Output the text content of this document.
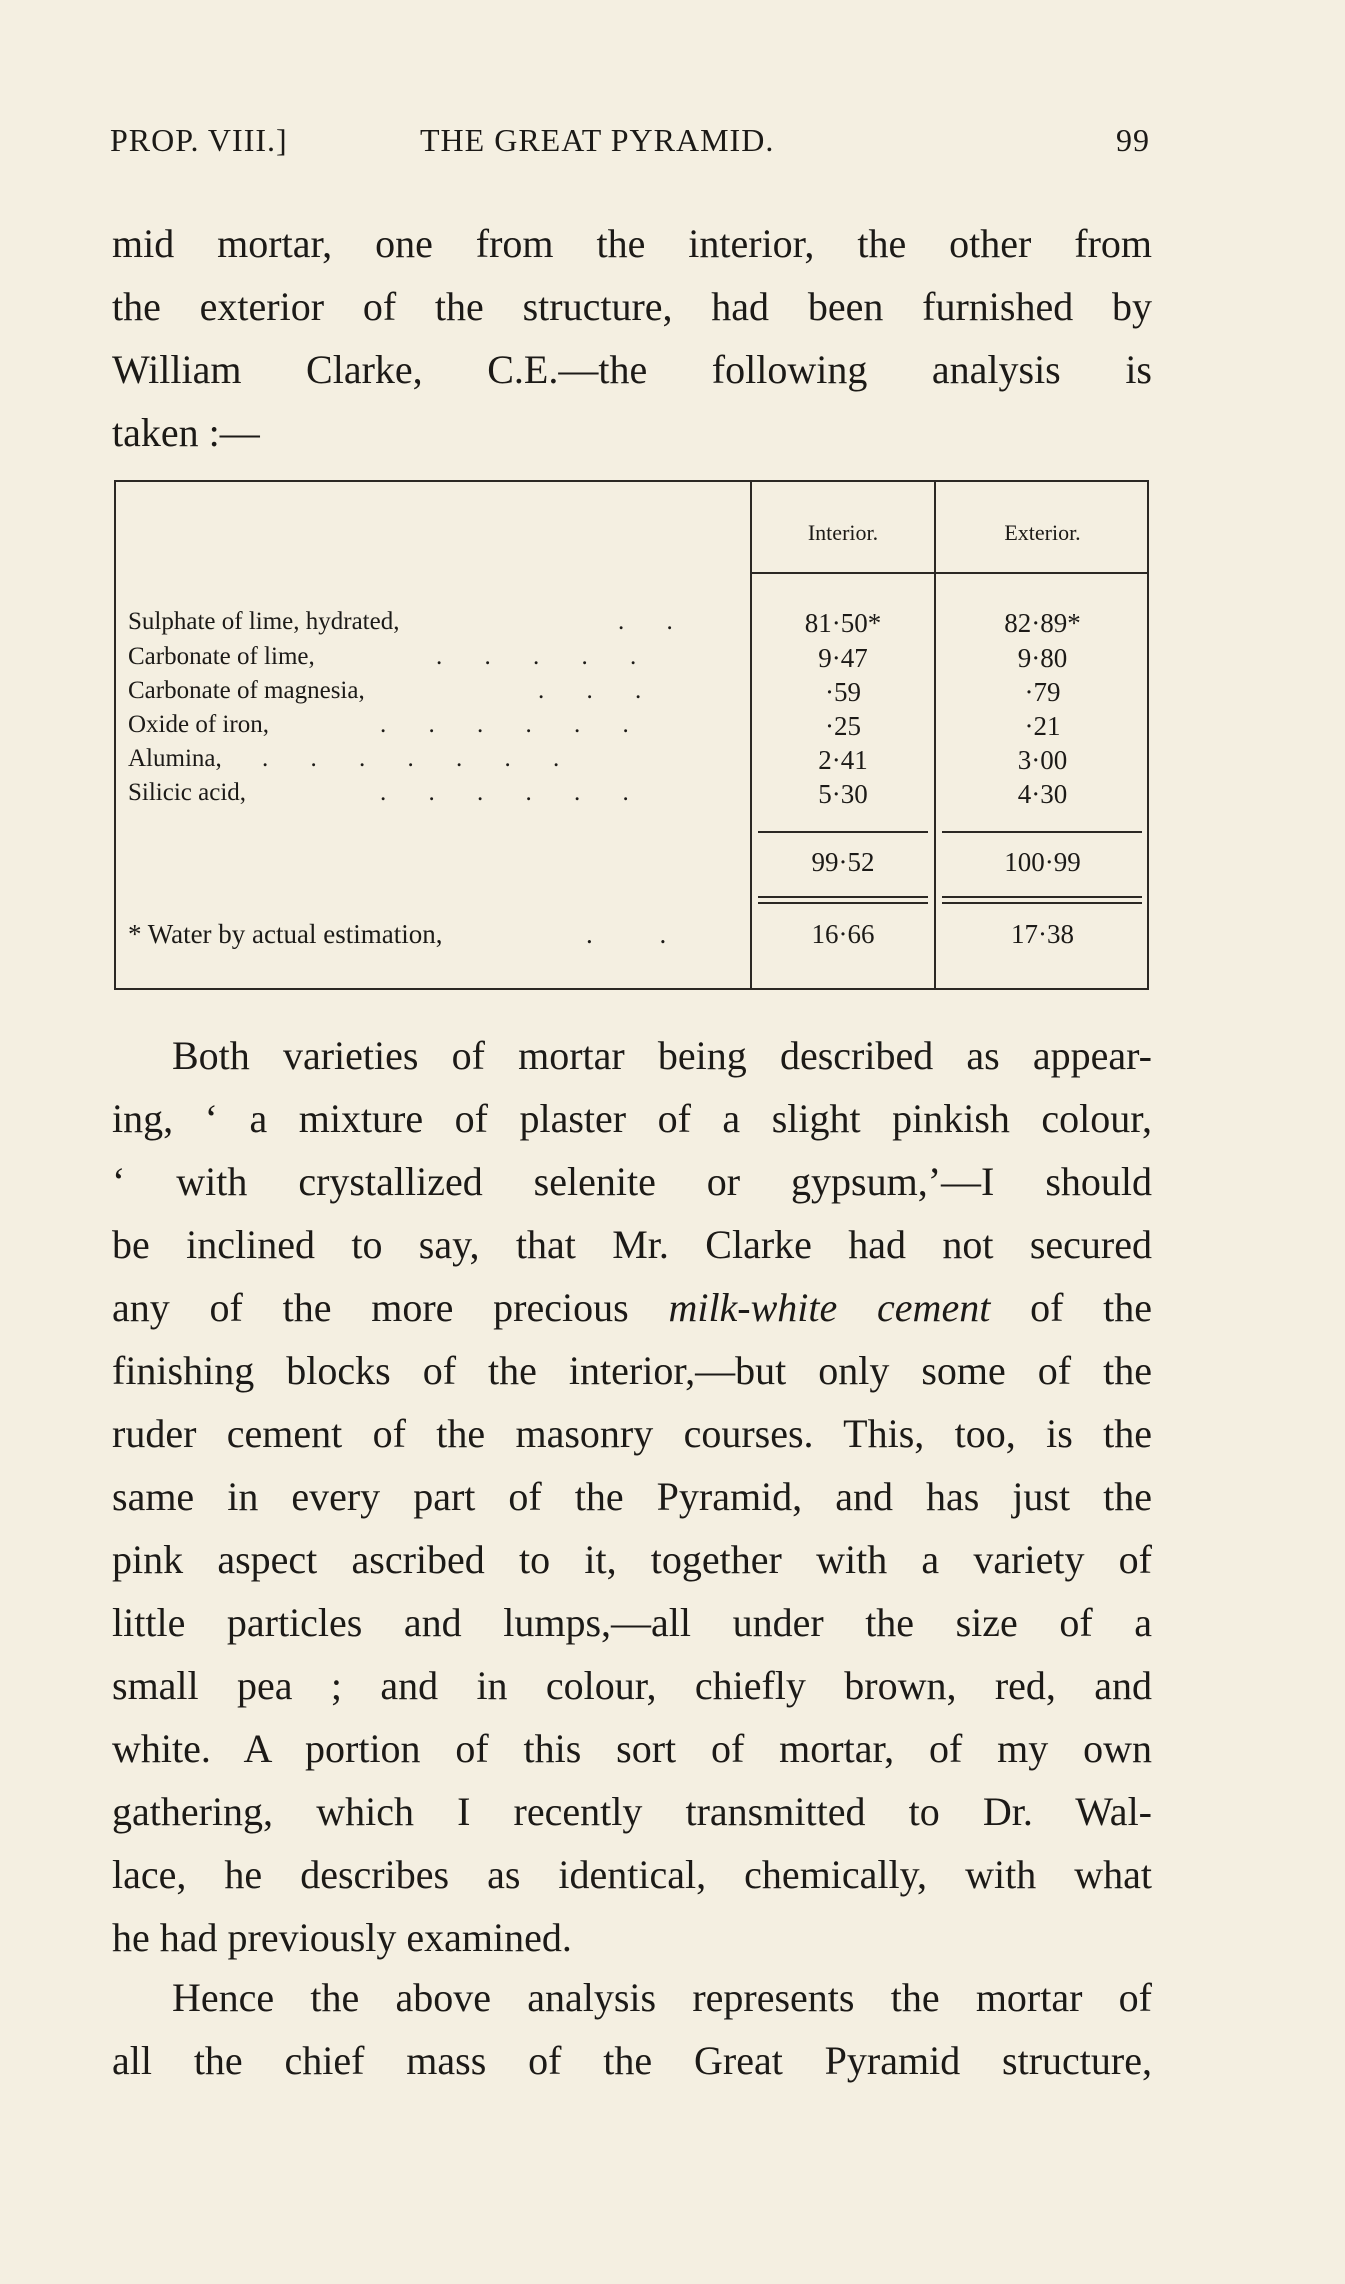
PROP. VIII.]	THE GREAT PYRAMID.	99
mid mortar, one from the interior, the other from
the exterior of the structure, had been furnished by
William Clarke, C.E.—the following analysis is
taken :—
Interior.	Exterior.
Sulphate of lime, hydrated,	. .	81·50*	82·89*
Carbonate of lime,	. . . . .	9·47	9·80
Carbonate of magnesia,	. . .	·59	·79
Oxide of iron,	. . . . . .	·25	·21
Alumina, . . . . . . .	2·41	3·00
Silicic acid,	. . . . . .	5·30	4·30
99·52	100·99
* Water by actual estimation,	. .	16·66	17·38
Both varieties of mortar being described as appear-
ing, ‘ a mixture of plaster of a slight pinkish colour,
‘ with crystallized selenite or gypsum,’—I should
be inclined to say, that Mr. Clarke had not secured
any of the more precious milk-white cement of the
finishing blocks of the interior,—but only some of the
ruder cement of the masonry courses. This, too, is the
same in every part of the Pyramid, and has just the
pink aspect ascribed to it, together with a variety of
little particles and lumps,—all under the size of a
small pea ; and in colour, chiefly brown, red, and
white. A portion of this sort of mortar, of my own
gathering, which I recently transmitted to Dr. Wal-
lace, he describes as identical, chemically, with what
he had previously examined.
Hence the above analysis represents the mortar of
all the chief mass of the Great Pyramid structure,
